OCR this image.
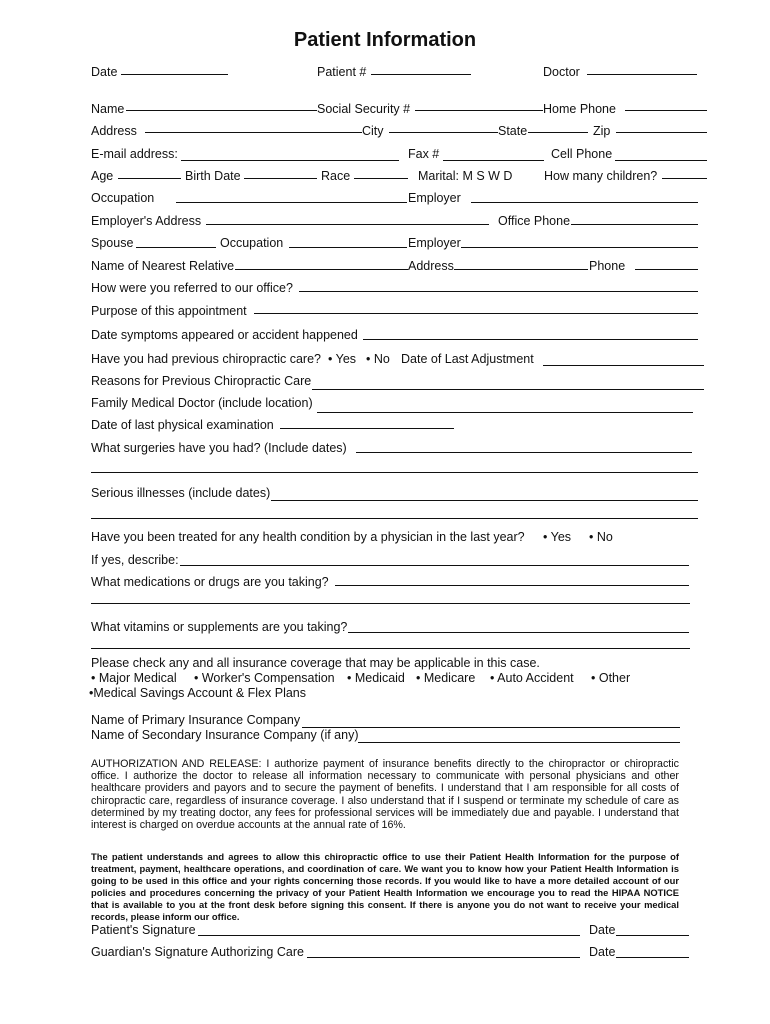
Patient Information
Date	Patient #	Doctor
Name	Social Security #	Home Phone
Address	City	State	Zip
E-mail address:	Fax #	Cell Phone
Age	Birth Date	Race	Marital: M S W D	How many children?
Occupation	Employer
Employer's Address	Office Phone
Spouse	Occupation	Employer
Name of Nearest Relative	Address	Phone
How were you referred to our office?
Purpose of this appointment
Date symptoms appeared or accident happened
Have you had previous chiropractic care? • Yes • No Date of Last Adjustment
Reasons for Previous Chiropractic Care
Family Medical Doctor (include location)
Date of last physical examination
What surgeries have you had? (Include dates)
Serious illnesses (include dates)
Have you been treated for any health condition by a physician in the last year? • Yes • No
If yes, describe:
What medications or drugs are you taking?
What vitamins or supplements are you taking?
Please check any and all insurance coverage that may be applicable in this case.
• Major Medical • Worker's Compensation • Medicaid • Medicare • Auto Accident • Other
•Medical Savings Account & Flex Plans
Name of Primary Insurance Company
Name of Secondary Insurance Company (if any)
AUTHORIZATION AND RELEASE: I authorize payment of insurance benefits directly to the chiropractor or chiropractic office. I authorize the doctor to release all information necessary to communicate with personal physicians and other healthcare providers and payors and to secure the payment of benefits. I understand that I am responsible for all costs of chiropractic care, regardless of insurance coverage. I also understand that if I suspend or terminate my schedule of care as determined by my treating doctor, any fees for professional services will be immediately due and payable. I understand that interest is charged on overdue accounts at the annual rate of 16%.
The patient understands and agrees to allow this chiropractic office to use their Patient Health Information for the purpose of treatment, payment, healthcare operations, and coordination of care. We want you to know how your Patient Health Information is going to be used in this office and your rights concerning those records. If you would like to have a more detailed account of our policies and procedures concerning the privacy of your Patient Health Information we encourage you to read the HIPAA NOTICE that is available to you at the front desk before signing this consent. If there is anyone you do not want to receive your medical records, please inform our office.
Patient's Signature	Date
Guardian's Signature Authorizing Care	Date
